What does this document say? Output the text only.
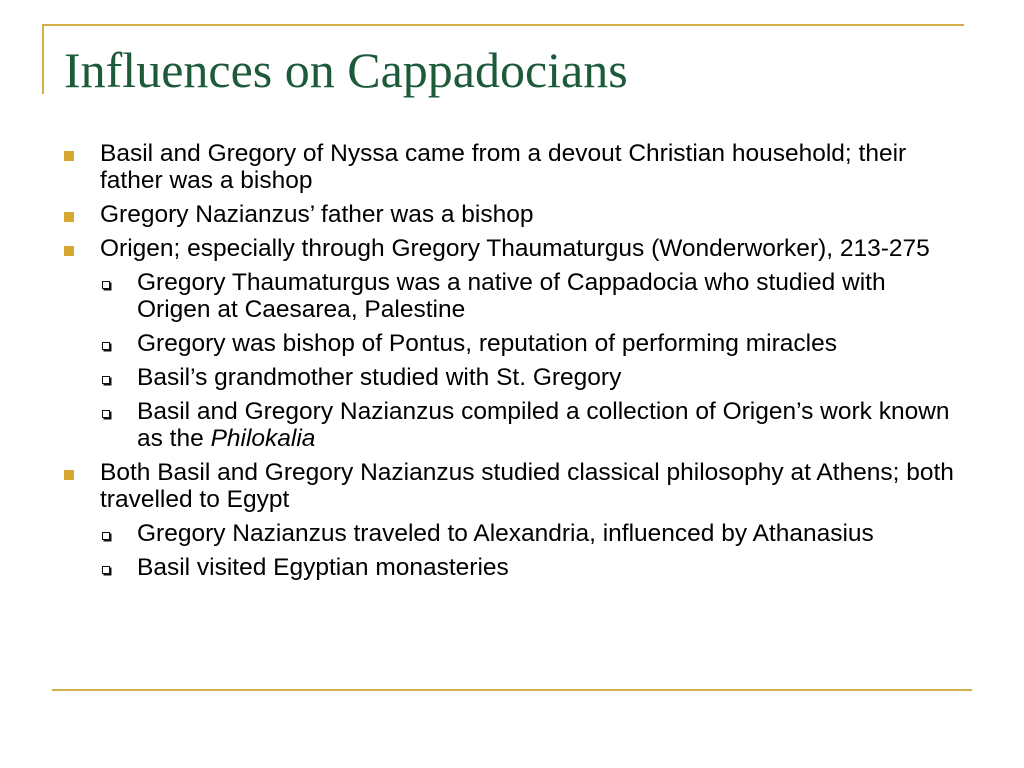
Influences on Cappadocians
Basil and Gregory of Nyssa came from a devout Christian household; their father was a bishop
Gregory Nazianzus’ father was a bishop
Origen; especially through Gregory Thaumaturgus (Wonderworker), 213-275
Gregory Thaumaturgus was a native of Cappadocia who studied with Origen at Caesarea, Palestine
Gregory was bishop of Pontus, reputation of performing miracles
Basil’s grandmother studied with St. Gregory
Basil and Gregory Nazianzus compiled a collection of Origen’s work known as the Philokalia
Both Basil and Gregory Nazianzus studied classical philosophy at Athens; both travelled to Egypt
Gregory Nazianzus traveled to Alexandria, influenced by Athanasius
Basil visited Egyptian monasteries
